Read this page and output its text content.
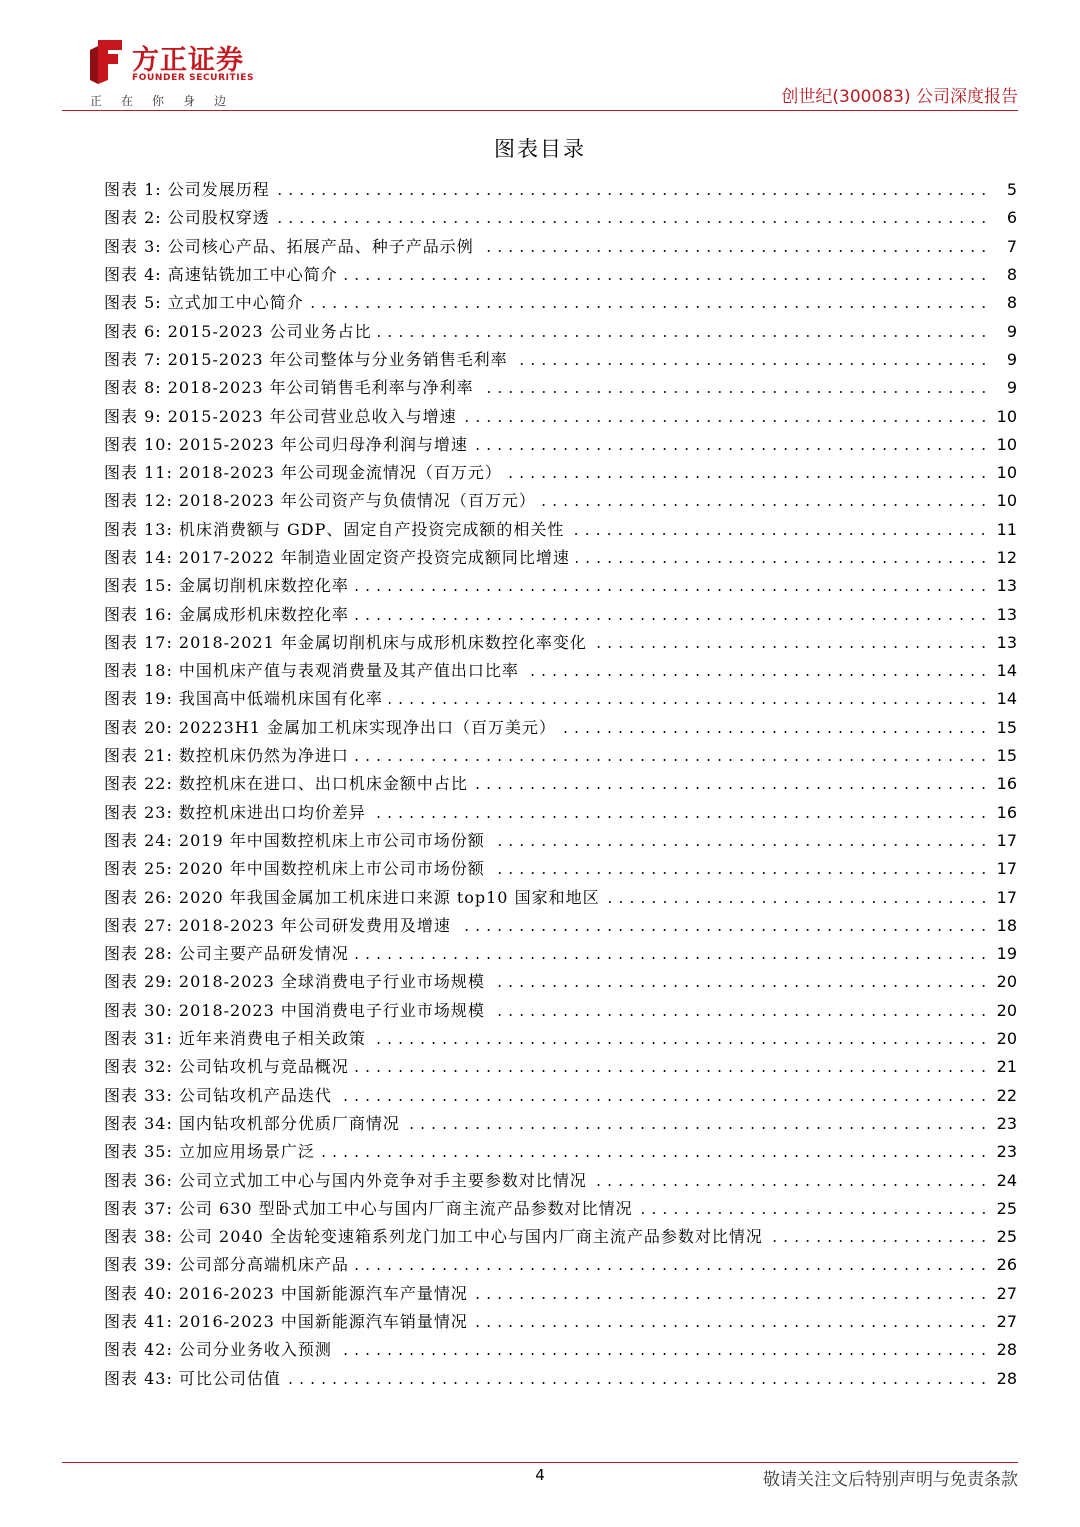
方正证券
FOUNDER SECURITIES
正在你身边	创世纪(300083) 公司深度报告
图表目录
图表 1: 公司发展历程	5
图表 2: 公司股权穿透	6
图表 3: 公司核心产品、拓展产品、种子产品示例	7
图表 4: 高速钻铣加工中心简介	8
图表 5: 立式加工中心简介	8
图表 6: 2015-2023 公司业务占比	9
图表 7: 2015-2023 年公司整体与分业务销售毛利率	9
图表 8: 2018-2023 年公司销售毛利率与净利率	9
图表 9: 2015-2023 年公司营业总收入与增速	10
图表 10: 2015-2023 年公司归母净利润与增速	10
图表 11: 2018-2023 年公司现金流情况（百万元）	10
图表 12: 2018-2023 年公司资产与负债情况（百万元）	10
图表 13: 机床消费额与 GDP、固定自产投资完成额的相关性	11
图表 14: 2017-2022 年制造业固定资产投资完成额同比增速	12
图表 15: 金属切削机床数控化率	13
图表 16: 金属成形机床数控化率	13
图表 17: 2018-2021 年金属切削机床与成形机床数控化率变化	13
图表 18: 中国机床产值与表观消费量及其产值出口比率	14
图表 19: 我国高中低端机床国有化率	14
图表 20: 20223H1 金属加工机床实现净出口（百万美元）	15
图表 21: 数控机床仍然为净进口	15
图表 22: 数控机床在进口、出口机床金额中占比	16
图表 23: 数控机床进出口均价差异	16
图表 24: 2019 年中国数控机床上市公司市场份额	17
图表 25: 2020 年中国数控机床上市公司市场份额	17
图表 26: 2020 年我国金属加工机床进口来源 top10 国家和地区	17
图表 27: 2018-2023 年公司研发费用及增速	18
图表 28: 公司主要产品研发情况	19
图表 29: 2018-2023 全球消费电子行业市场规模	20
图表 30: 2018-2023 中国消费电子行业市场规模	20
图表 31: 近年来消费电子相关政策	20
图表 32: 公司钻攻机与竞品概况	21
图表 33: 公司钻攻机产品迭代	22
图表 34: 国内钻攻机部分优质厂商情况	23
图表 35: 立加应用场景广泛	23
图表 36: 公司立式加工中心与国内外竞争对手主要参数对比情况	24
图表 37: 公司 630 型卧式加工中心与国内厂商主流产品参数对比情况	25
图表 38: 公司 2040 全齿轮变速箱系列龙门加工中心与国内厂商主流产品参数对比情况	25
图表 39: 公司部分高端机床产品	26
图表 40: 2016-2023 中国新能源汽车产量情况	27
图表 41: 2016-2023 中国新能源汽车销量情况	27
图表 42: 公司分业务收入预测	28
图表 43: 可比公司估值	28
4	敬请关注文后特别声明与免责条款
